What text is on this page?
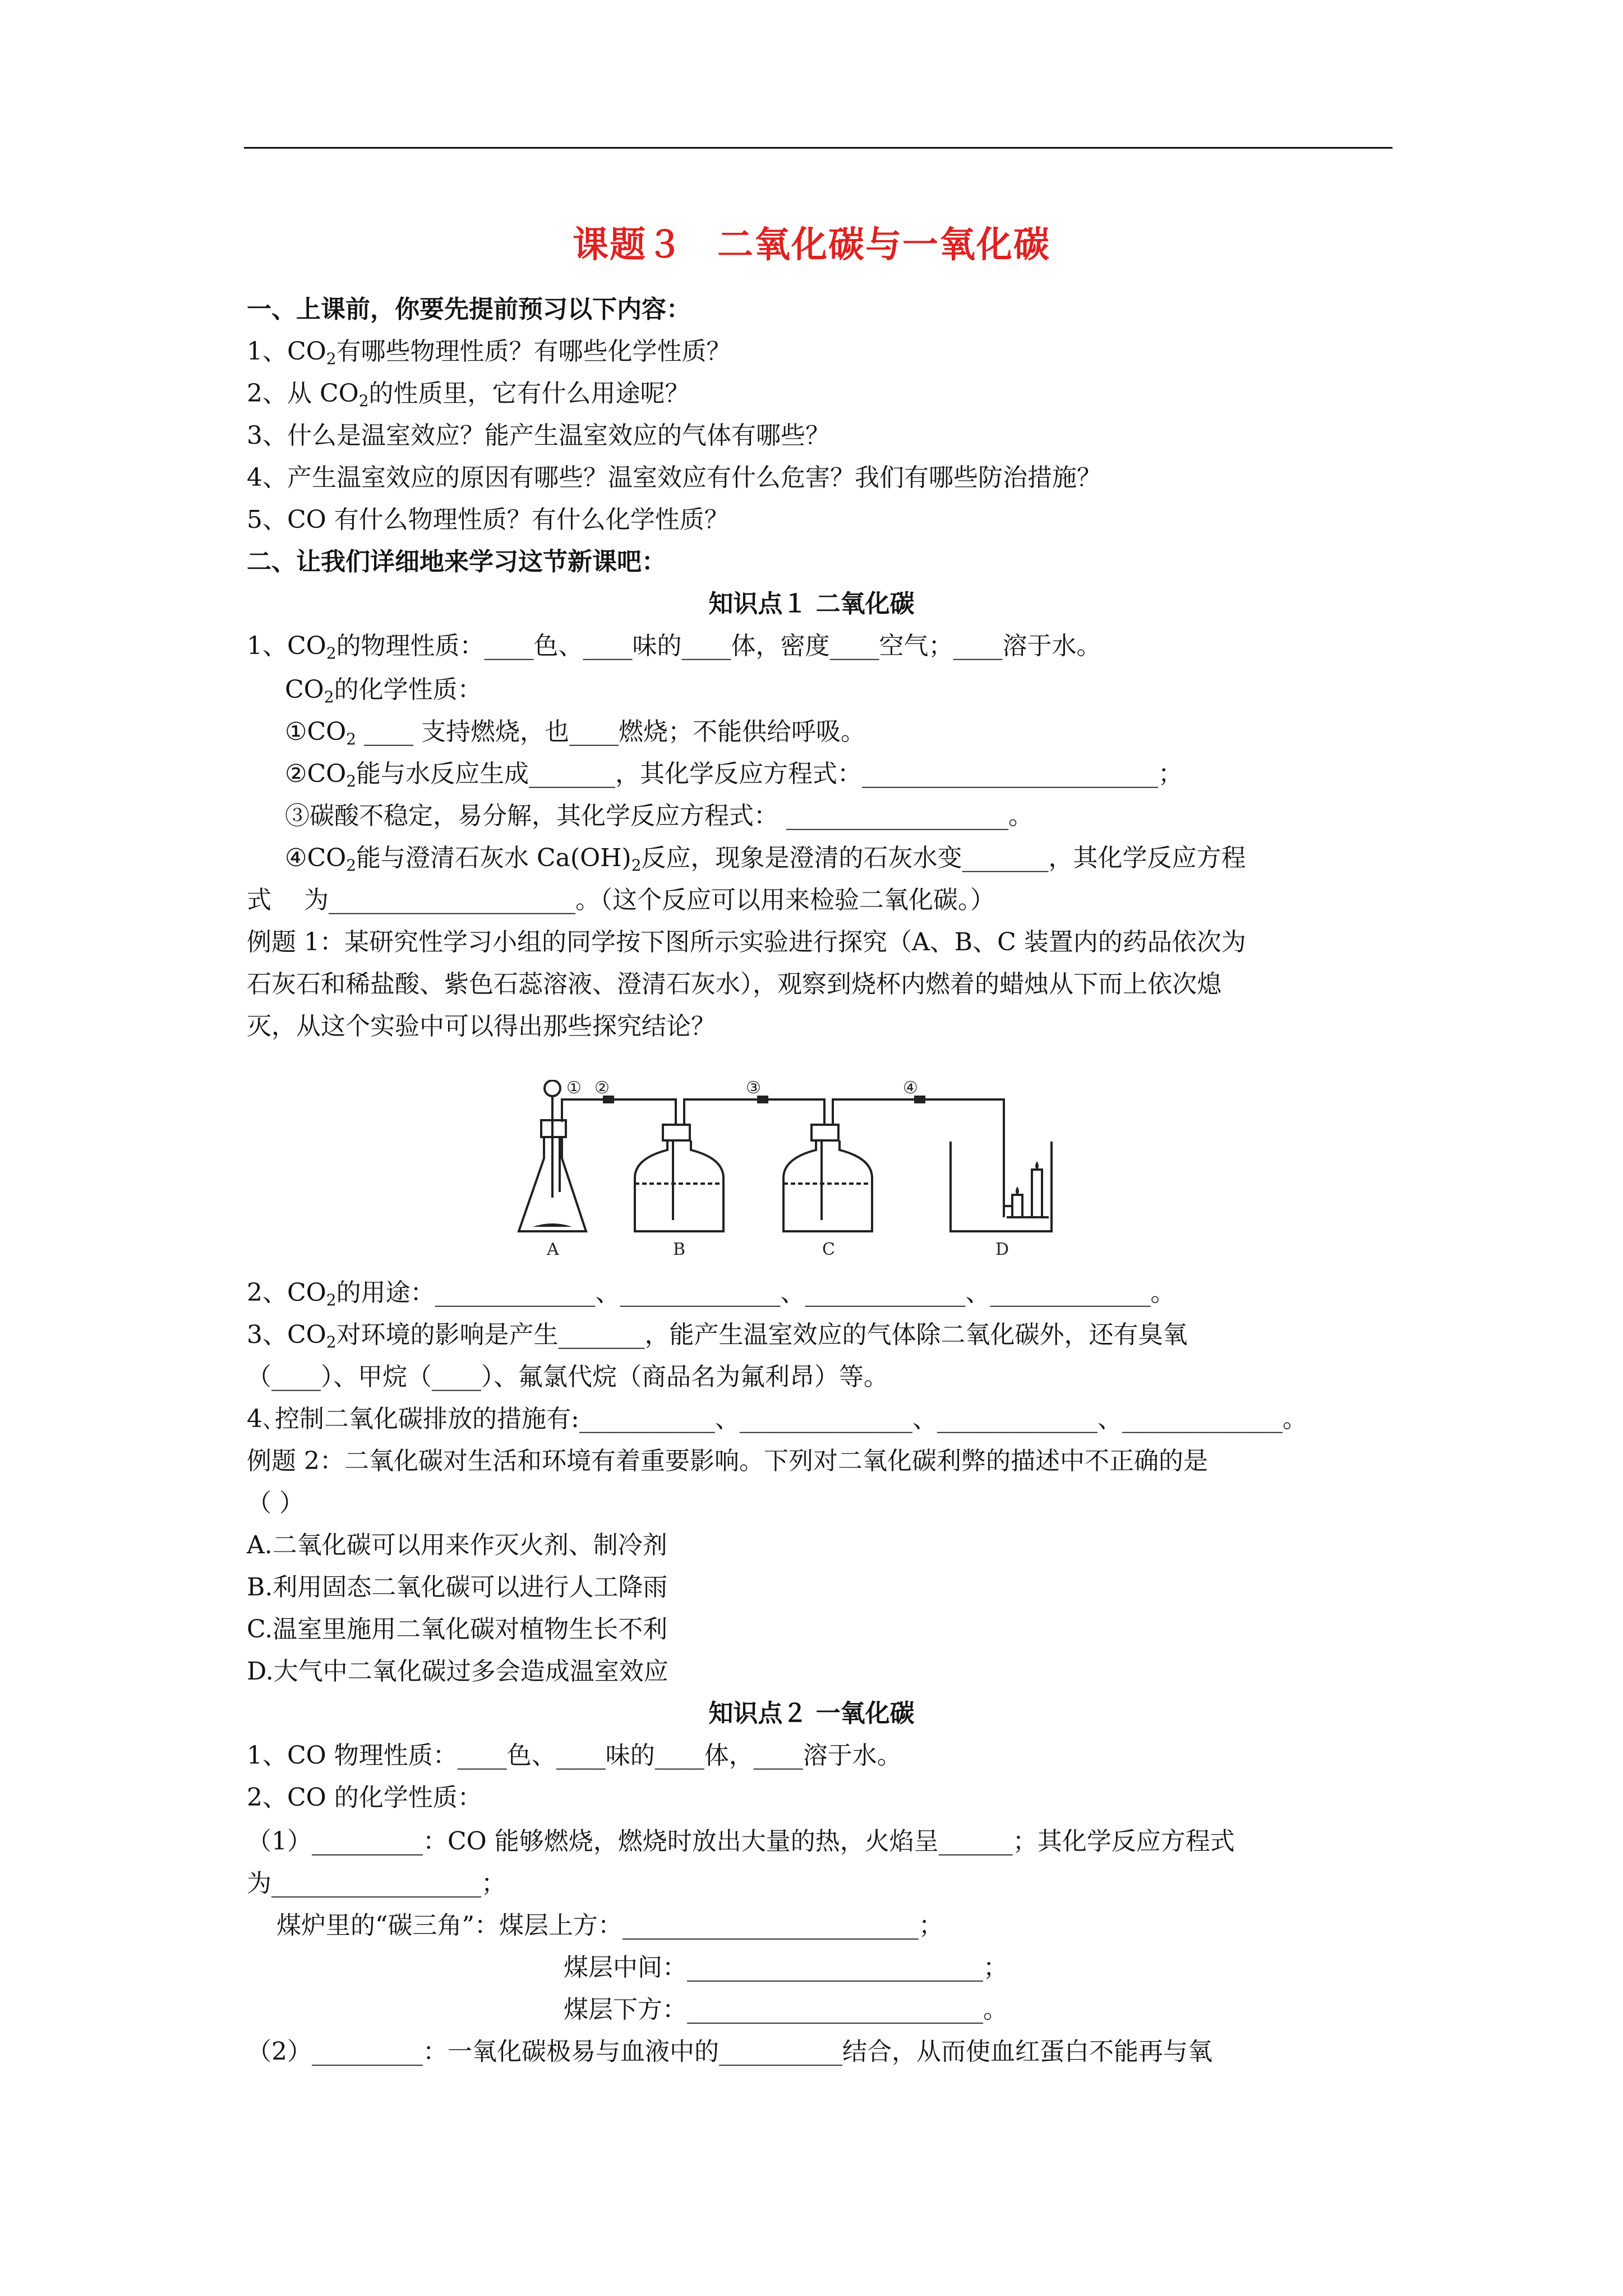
课题３ 二氧化碳与一氧化碳
一、上课前，你要先提前预习以下内容：
1、$CO_2$有哪些物理性质？有哪些化学性质？
2、从 $CO_2$的性质里，它有什么用途呢？
3、什么是温室效应？能产生温室效应的气体有哪些？
4、产生温室效应的原因有哪些？温室效应有什么危害？我们有哪些防治措施？
5、CO 有什么物理性质？有什么化学性质？
二、让我们详细地来学习这节新课吧：
知识点１ 二氧化碳
1、$CO_2$的物理性质：____色、____味的____体，密度____空气；____溶于水。
$CO_2$的化学性质：
$①CO_2$ ____ 支持燃烧，也____燃烧；不能供给呼吸。
$②CO_2$能与水反应生成_______，其化学反应方程式：________________________；
③碳酸不稳定，易分解，其化学反应方程式： __________________。
$④CO_2$能与澄清石灰水 $Ca(OH)_2$反应，现象是澄清的石灰水变_______，其化学反应方程
式　 为____________________。（这个反应可以用来检验二氧化碳。）
例题 1：某研究性学习小组的同学按下图所示实验进行探究（A、B、C 装置内的药品依次为
石灰石和稀盐酸、紫色石蕊溶液、澄清石灰水），观察到烧杯内燃着的蜡烛从下而上依次熄
灭，从这个实验中可以得出那些探究结论？
① ②	③	④
A	B	C	D
2、$CO_2$的用途：_____________、_____________、_____________、_____________。
3、$CO_2$对环境的影响是产生_______，能产生温室效应的气体除二氧化碳外，还有臭氧
（____）、甲烷（____）、氟氯代烷（商品名为氟利昂）等。
4､控制二氧化碳排放的措施有:___________、______________、_____________、_____________。
例题 2：二氧化碳对生活和环境有着重要影响。下列对二氧化碳利弊的描述中不正确的是
（ ）
A.二氧化碳可以用来作灭火剂、制冷剂
B.利用固态二氧化碳可以进行人工降雨
C.温室里施用二氧化碳对植物生长不利
D.大气中二氧化碳过多会造成温室效应
知识点２ 一氧化碳
1、CO 物理性质：____色、____味的____体，____溶于水。
2、CO 的化学性质：
（1）_________：CO 能够燃烧，燃烧时放出大量的热，火焰呈______；其化学反应方程式
为_________________；
煤炉里的“碳三角”：煤层上方：________________________；
煤层中间：________________________；
煤层下方：________________________。
（2）_________：一氧化碳极易与血液中的__________结合，从而使血红蛋白不能再与氧
